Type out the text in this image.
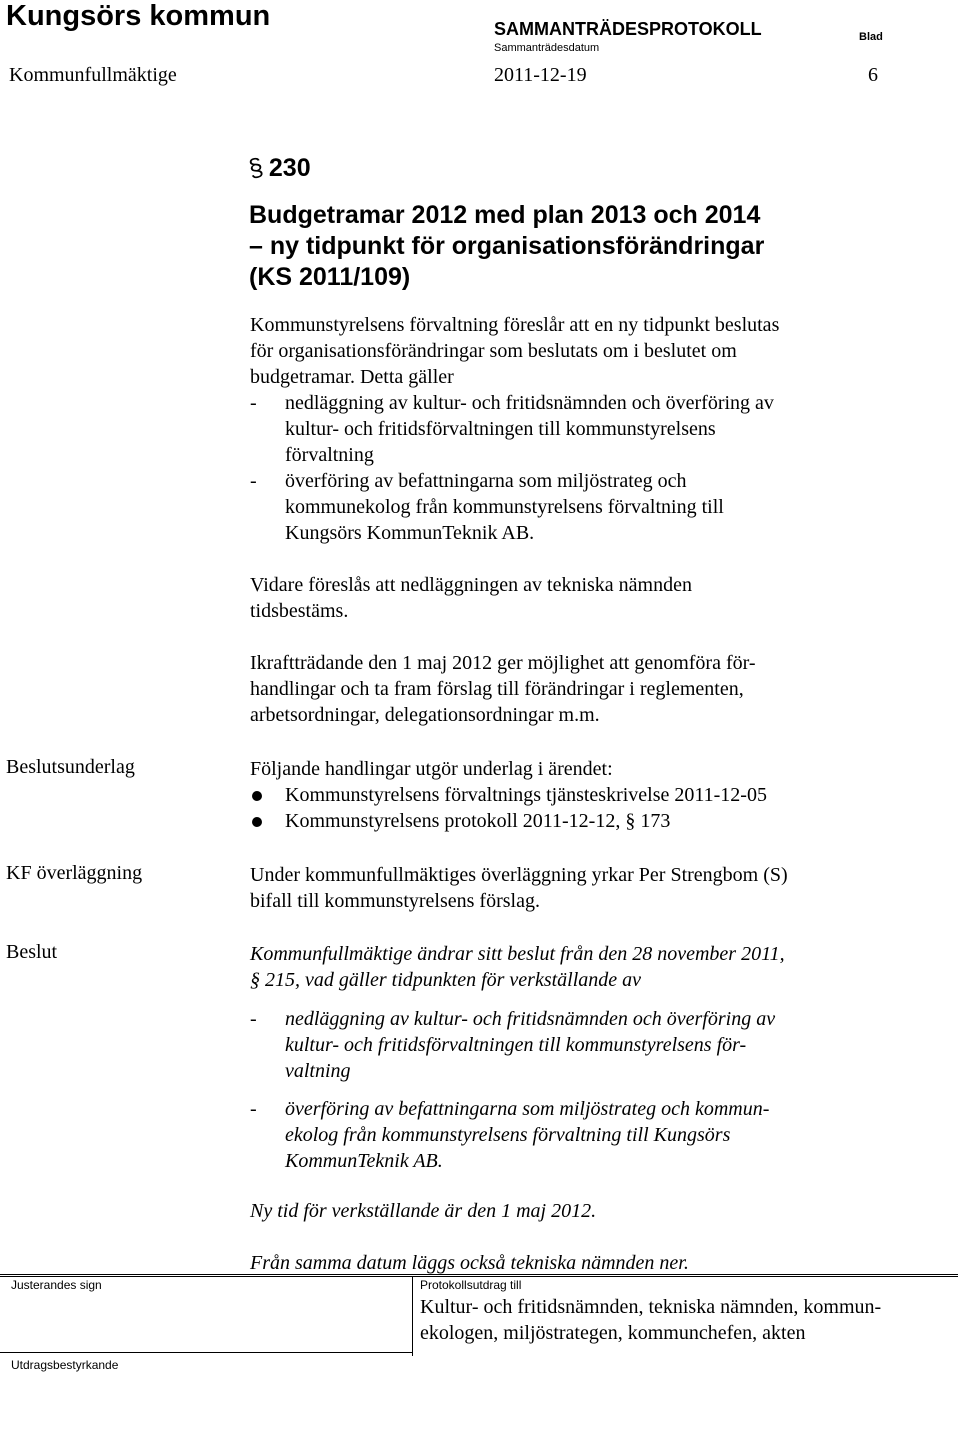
Kungsörs kommun	SAMMANTRÄDESPROTOKOLL
Sammanträdesdatum
Blad
Kommunfullmäktige	2011-12-19	6
§ 230
Budgetramar 2012 med plan 2013 och 2014
– ny tidpunkt för organisationsförändringar
(KS 2011/109)
Kommunstyrelsens förvaltning föreslår att en ny tidpunkt beslutas
för organisationsförändringar som beslutats om i beslutet om
budgetramar. Detta gäller
- nedläggning av kultur- och fritidsnämnden och överföring av
kultur- och fritidsförvaltningen till kommunstyrelsens
förvaltning
- överföring av befattningarna som miljöstrateg och
kommunekolog från kommunstyrelsens förvaltning till
Kungsörs KommunTeknik AB.
Vidare föreslås att nedläggningen av tekniska nämnden
tidsbestäms.
Ikraftträdande den 1 maj 2012 ger möjlighet att genomföra för-
handlingar och ta fram förslag till förändringar i reglementen,
arbetsordningar, delegationsordningar m.m.
Beslutsunderlag	Följande handlingar utgör underlag i ärendet:
Kommunstyrelsens förvaltnings tjänsteskrivelse 2011-12-05
Kommunstyrelsens protokoll 2011-12-12, § 173
KF överläggning	Under kommunfullmäktiges överläggning yrkar Per Strengbom (S)
bifall till kommunstyrelsens förslag.
Beslut	Kommunfullmäktige ändrar sitt beslut från den 28 november 2011,
§ 215, vad gäller tidpunkten för verkställande av
- nedläggning av kultur- och fritidsnämnden och överföring av
kultur- och fritidsförvaltningen till kommunstyrelsens för-
valtning
- överföring av befattningarna som miljöstrateg och kommun-
ekolog från kommunstyrelsens förvaltning till Kungsörs
KommunTeknik AB.
Ny tid för verkställande är den 1 maj 2012.
Från samma datum läggs också tekniska nämnden ner.
Justerandes sign
Utdragsbestyrkande
Protokollsutdrag till
Kultur- och fritidsnämnden, tekniska nämnden, kommun-
ekologen, miljöstrategen, kommunchefen, akten
